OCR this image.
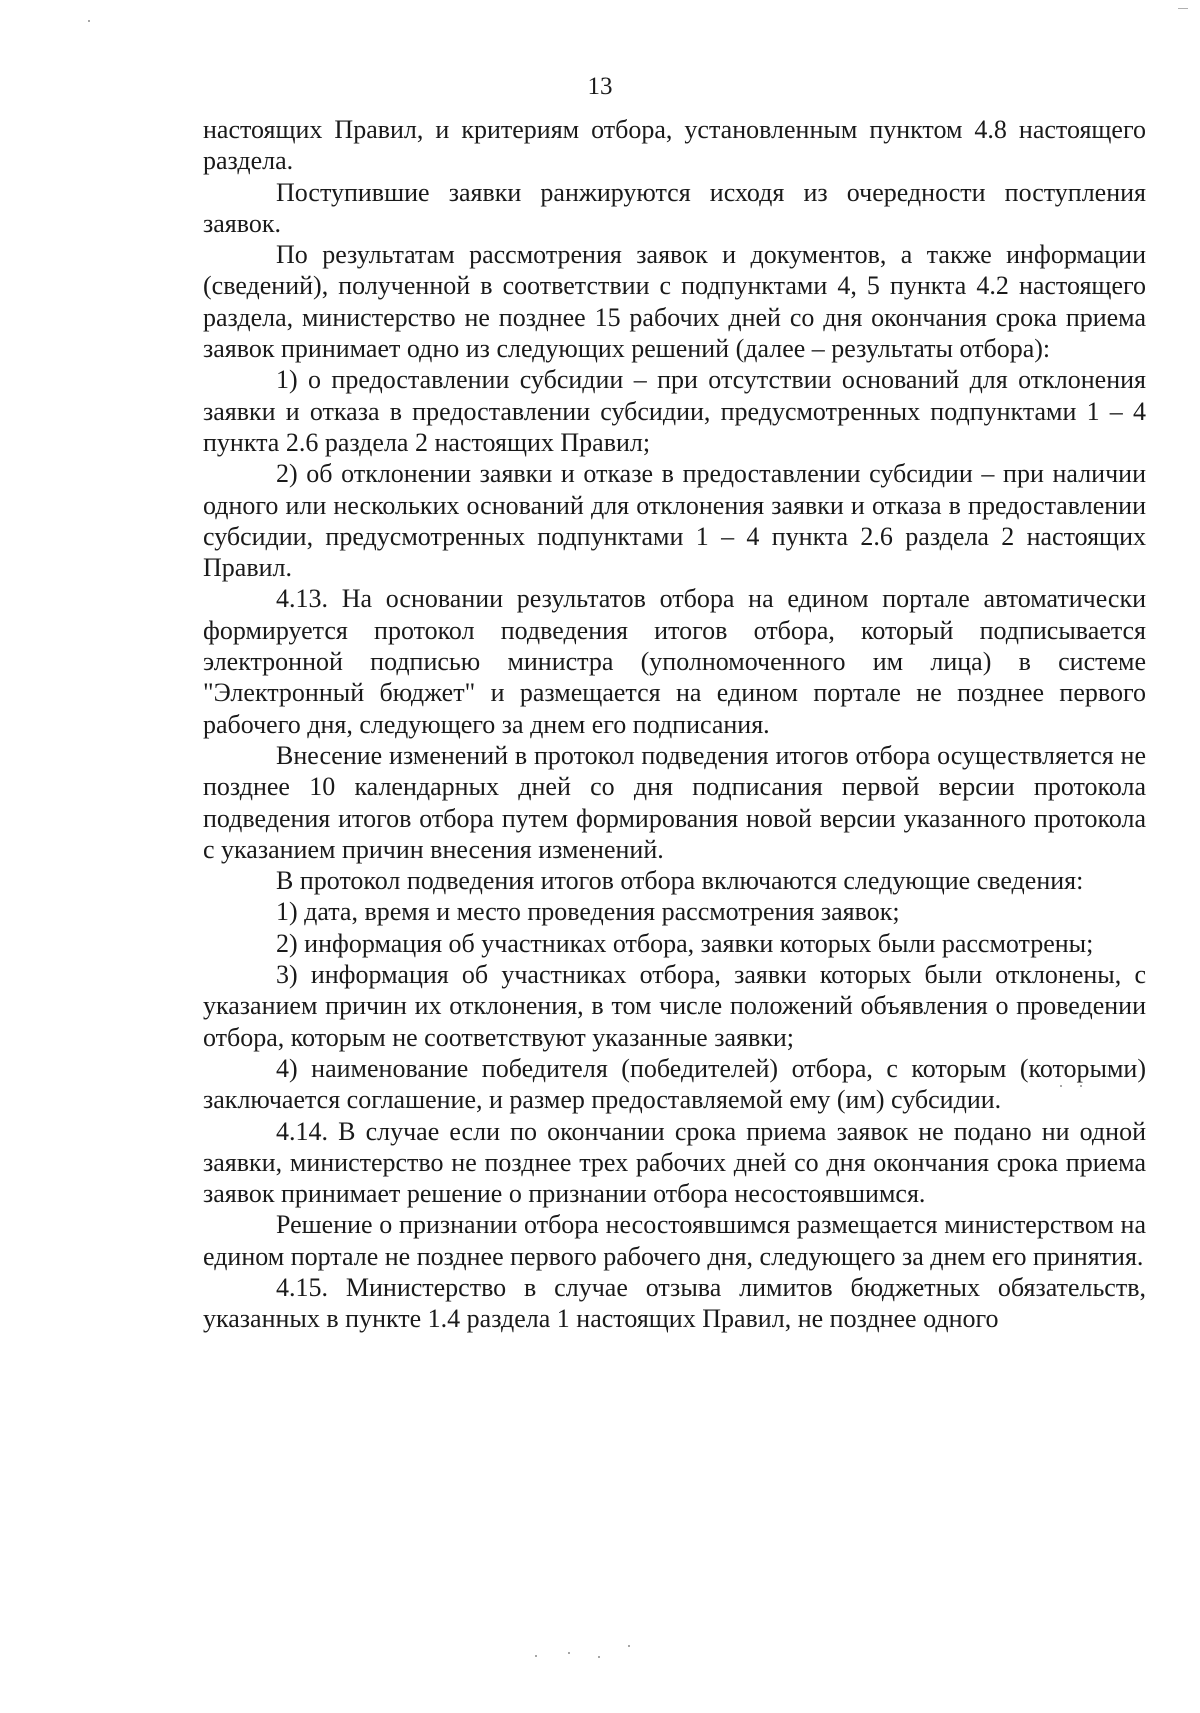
13

настоящих Правил, и критериям отбора, установленным пунктом 4.8 настоящего раздела.

Поступившие заявки ранжируются исходя из очередности поступления заявок.

По результатам рассмотрения заявок и документов, а также информации (сведений), полученной в соответствии с подпунктами 4, 5 пункта 4.2 настоящего раздела, министерство не позднее 15 рабочих дней со дня окончания срока приема заявок принимает одно из следующих решений (далее – результаты отбора):

1) о предоставлении субсидии – при отсутствии оснований для отклонения заявки и отказа в предоставлении субсидии, предусмотренных подпунктами 1 – 4 пункта 2.6 раздела 2 настоящих Правил;

2) об отклонении заявки и отказе в предоставлении субсидии – при наличии одного или нескольких оснований для отклонения заявки и отказа в предоставлении субсидии, предусмотренных подпунктами 1 – 4 пункта 2.6 раздела 2 настоящих Правил.

4.13. На основании результатов отбора на едином портале автоматически формируется протокол подведения итогов отбора, который подписывается электронной подписью министра (уполномоченного им лица) в системе "Электронный бюджет" и размещается на едином портале не позднее первого рабочего дня, следующего за днем его подписания.

Внесение изменений в протокол подведения итогов отбора осуществляется не позднее 10 календарных дней со дня подписания первой версии протокола подведения итогов отбора путем формирования новой версии указанного протокола с указанием причин внесения изменений.

В протокол подведения итогов отбора включаются следующие сведения:

1) дата, время и место проведения рассмотрения заявок;

2) информация об участниках отбора, заявки которых были рассмотрены;

3) информация об участниках отбора, заявки которых были отклонены, с указанием причин их отклонения, в том числе положений объявления о проведении отбора, которым не соответствуют указанные заявки;

4) наименование победителя (победителей) отбора, с которым (которыми) заключается соглашение, и размер предоставляемой ему (им) субсидии.

4.14. В случае если по окончании срока приема заявок не подано ни одной заявки, министерство не позднее трех рабочих дней со дня окончания срока приема заявок принимает решение о признании отбора несостоявшимся.

Решение о признании отбора несостоявшимся размещается министерством на едином портале не позднее первого рабочего дня, следующего за днем его принятия.

4.15. Министерство в случае отзыва лимитов бюджетных обязательств, указанных в пункте 1.4 раздела 1 настоящих Правил, не позднее одного
